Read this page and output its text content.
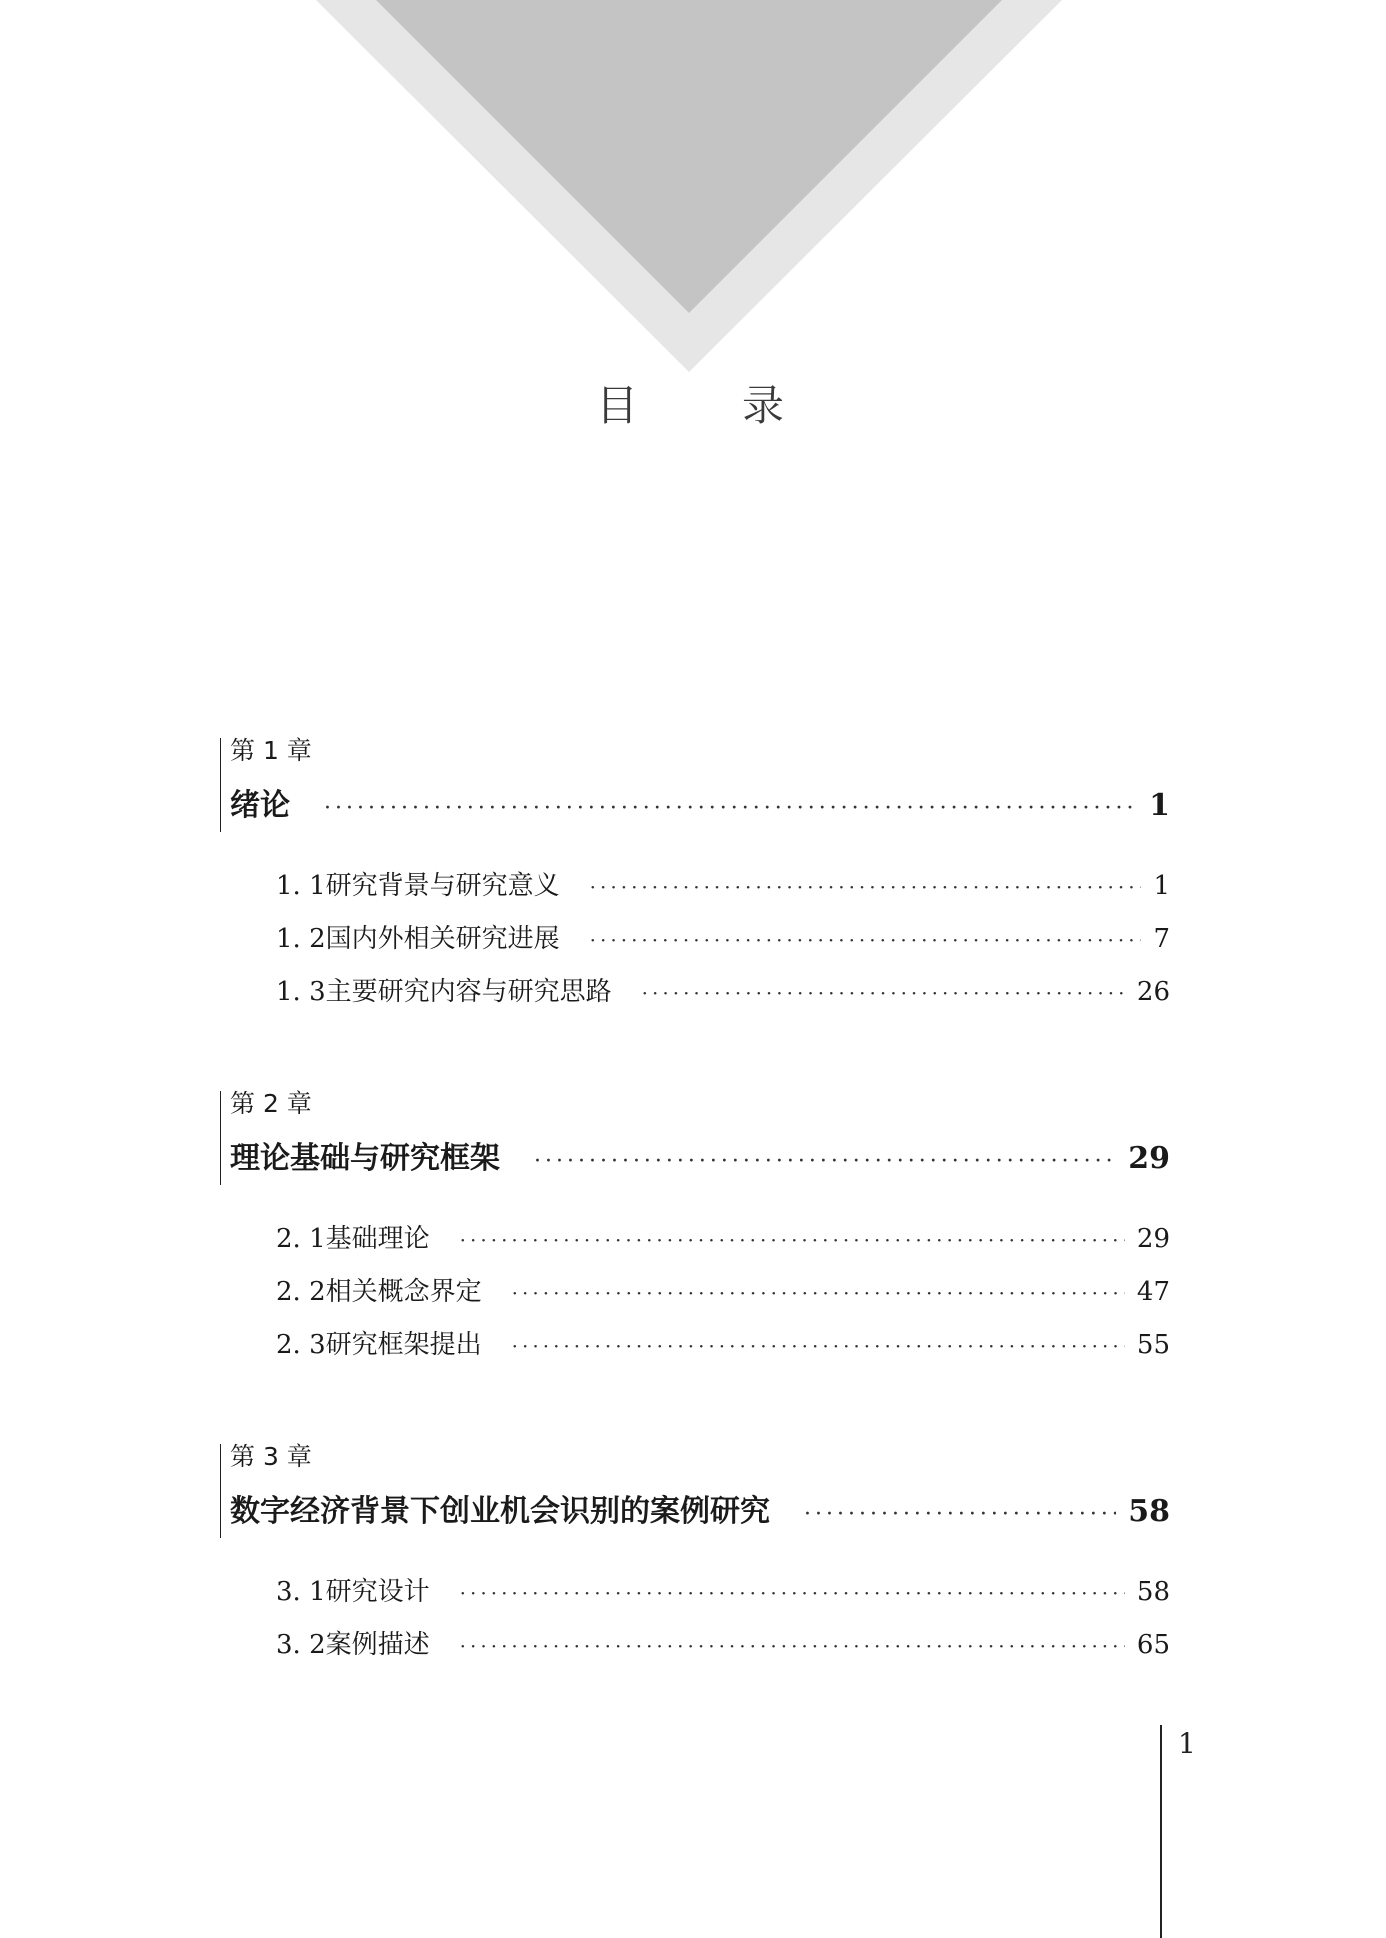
目 录
第 1 章
绪论 ·····	1
1. 1 研究背景与研究意义 ·····	1
1. 2 国内外相关研究进展 ·····	7
1. 3 主要研究内容与研究思路 ·····	26
第 2 章
理论基础与研究框架 ·····	29
2. 1 基础理论 ·····	29
2. 2 相关概念界定 ·····	47
2. 3 研究框架提出 ·····	55
第 3 章
数字经济背景下创业机会识别的案例研究 ·····	58
3. 1 研究设计 ·····	58
3. 2 案例描述 ·····	65
1
